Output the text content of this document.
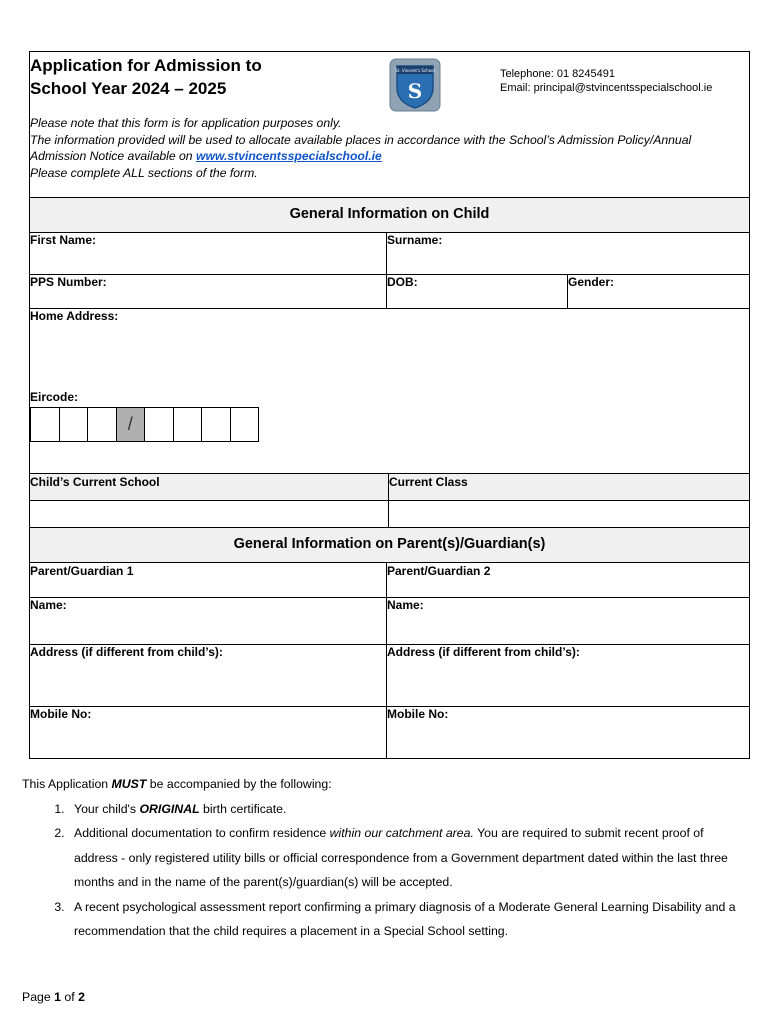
Application for Admission to
School Year 2024 – 2025
St. Vincent's School
S
Telephone: 01 8245491
Email: principal@stvincentsspecialschool.ie
Please note that this form is for application purposes only.
The information provided will be used to allocate available places in accordance with the School’s Admission Policy/Annual Admission Notice available on www.stvincentsspecialschool.ie
Please complete ALL sections of the form.
General Information on Child
First Name:	Surname:
PPS Number:	DOB:	Gender:
Home Address:
Eircode:
/
Child’s Current School	Current Class
General Information on Parent(s)/Guardian(s)
Parent/Guardian 1	Parent/Guardian 2
Name:	Name:
Address (if different from child’s):	Address (if different from child’s):
Mobile No:	Mobile No:
This Application MUST be accompanied by the following:
1. Your child's ORIGINAL birth certificate.
2. Additional documentation to confirm residence within our catchment area. You are required to submit recent proof of address - only registered utility bills or official correspondence from a Government department dated within the last three months and in the name of the parent(s)/guardian(s) will be accepted.
3. A recent psychological assessment report confirming a primary diagnosis of a Moderate General Learning Disability and a recommendation that the child requires a placement in a Special School setting.
Page 1 of 2
